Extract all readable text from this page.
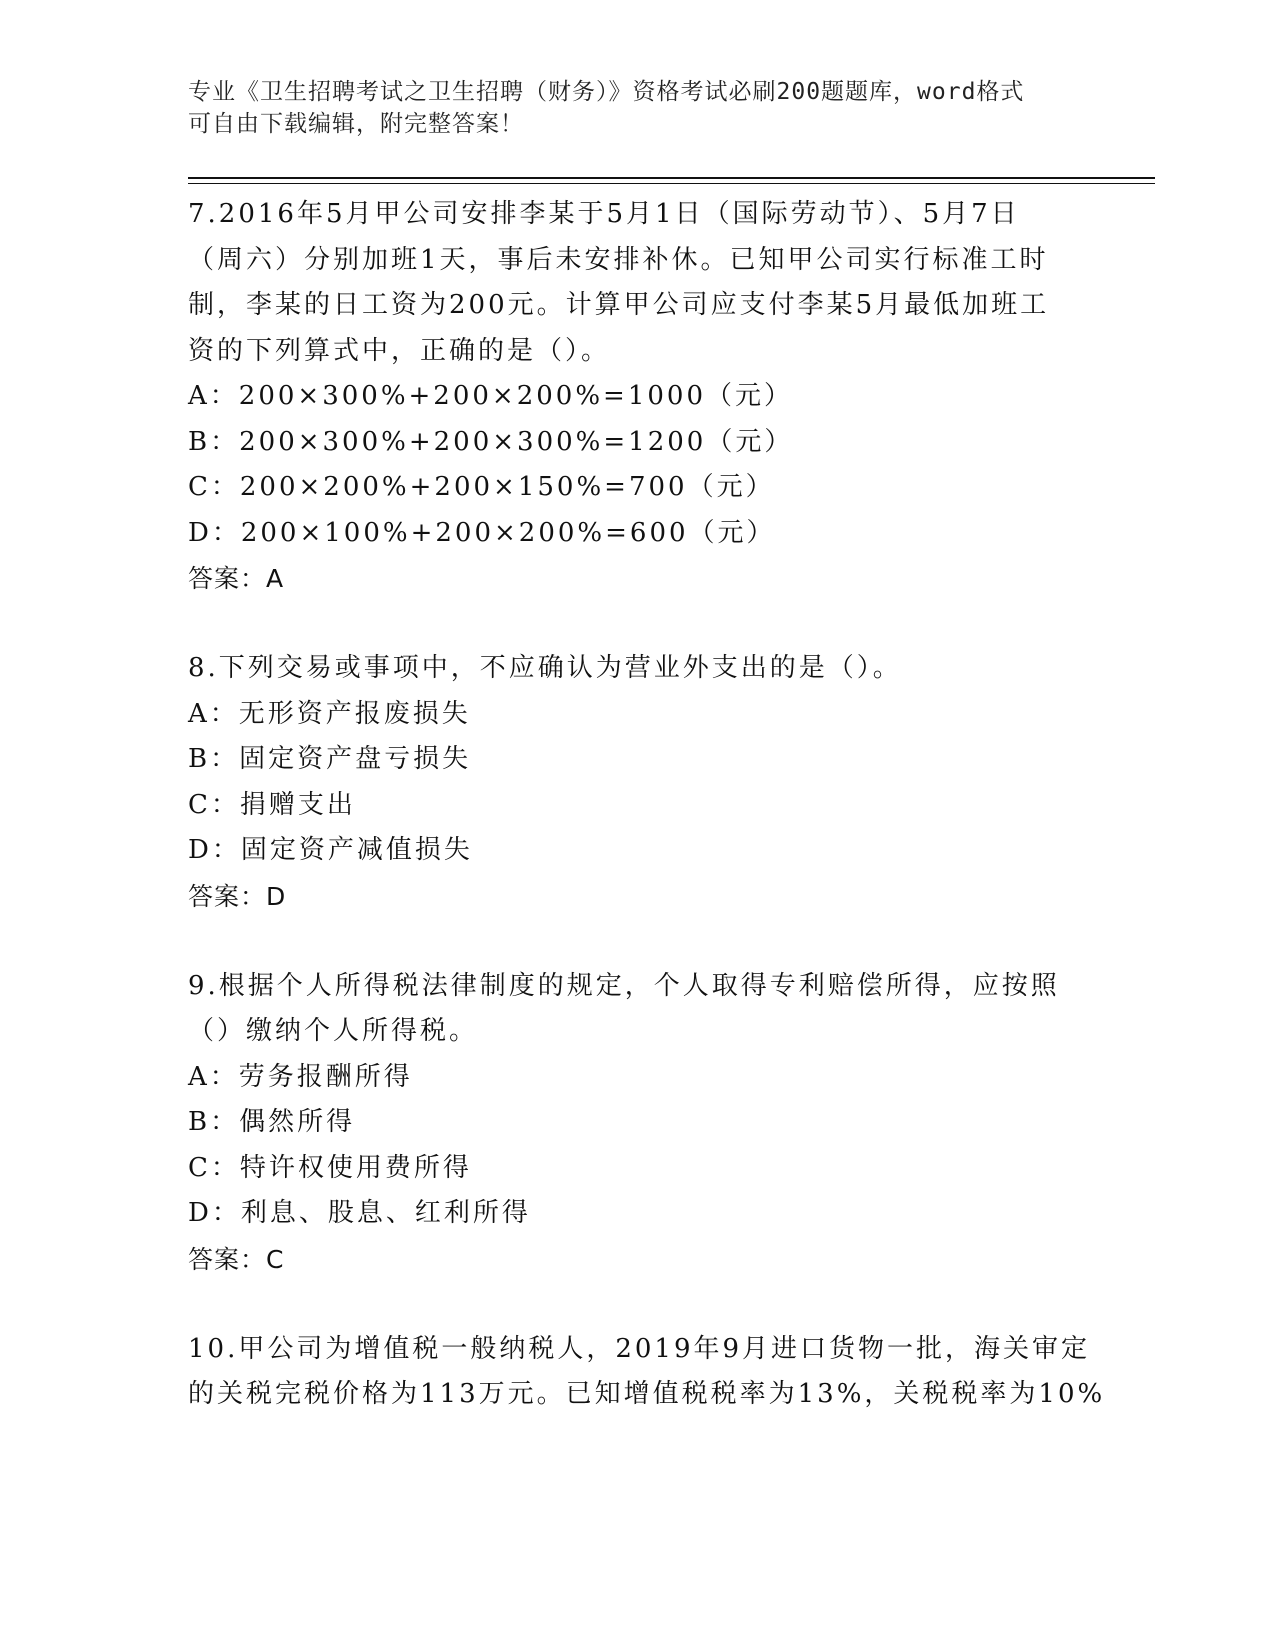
专业《卫生招聘考试之卫生招聘（财务）》资格考试必刷200题题库，word格式
可自由下载编辑，附完整答案！
7.2016年5月甲公司安排李某于5月1日（国际劳动节）、5月7日
（周六）分别加班1天，事后未安排补休。已知甲公司实行标准工时
制，李某的日工资为200元。计算甲公司应支付李某5月最低加班工
资的下列算式中，正确的是（）。
A：200×300%+200×200%=1000（元）
B：200×300%+200×300%=1200（元）
C：200×200%+200×150%=700（元）
D：200×100%+200×200%=600（元）
答案：A
8.下列交易或事项中，不应确认为营业外支出的是（）。
A：无形资产报废损失
B：固定资产盘亏损失
C：捐赠支出
D：固定资产减值损失
答案：D
9.根据个人所得税法律制度的规定，个人取得专利赔偿所得，应按照
（）缴纳个人所得税。
A：劳务报酬所得
B：偶然所得
C：特许权使用费所得
D：利息、股息、红利所得
答案：C
10.甲公司为增值税一般纳税人，2019年9月进口货物一批，海关审定
的关税完税价格为113万元。已知增值税税率为13%，关税税率为10%
